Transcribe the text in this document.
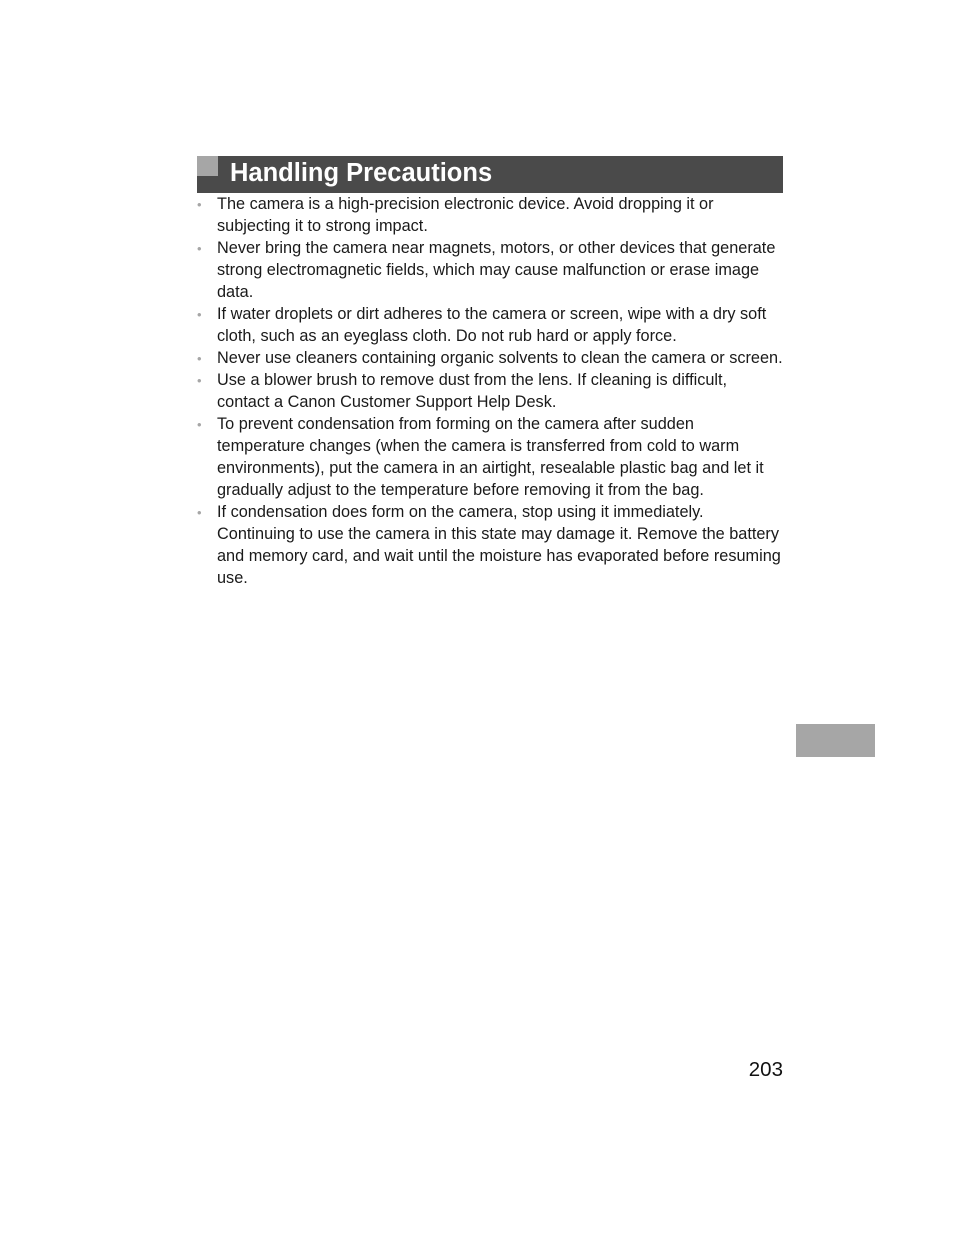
Handling Precautions
• The camera is a high-precision electronic device. Avoid dropping it or subjecting it to strong impact.
• Never bring the camera near magnets, motors, or other devices that generate strong electromagnetic fields, which may cause malfunction or erase image data.
• If water droplets or dirt adheres to the camera or screen, wipe with a dry soft cloth, such as an eyeglass cloth. Do not rub hard or apply force.
• Never use cleaners containing organic solvents to clean the camera or screen.
• Use a blower brush to remove dust from the lens. If cleaning is difficult, contact a Canon Customer Support Help Desk.
• To prevent condensation from forming on the camera after sudden temperature changes (when the camera is transferred from cold to warm environments), put the camera in an airtight, resealable plastic bag and let it gradually adjust to the temperature before removing it from the bag.
• If condensation does form on the camera, stop using it immediately. Continuing to use the camera in this state may damage it. Remove the battery and memory card, and wait until the moisture has evaporated before resuming use.
203
